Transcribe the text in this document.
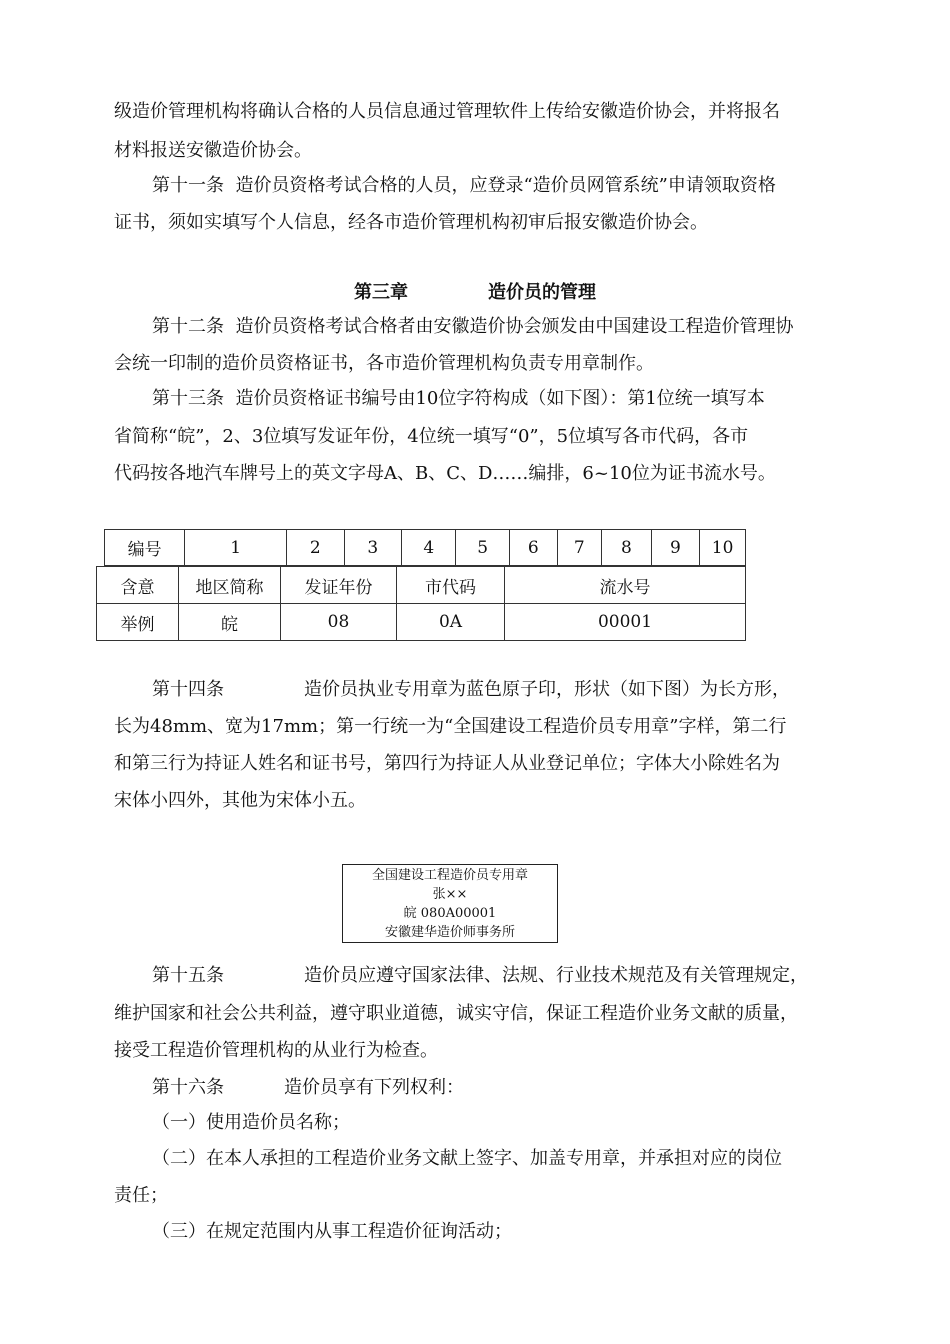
级造价管理机构将确认合格的人员信息通过管理软件上传给安徽造价协会，并将报名
材料报送安徽造价协会。
第十一条 造价员资格考试合格的人员，应登录“造价员网管系统”申请领取资格
证书，须如实填写个人信息，经各市造价管理机构初审后报安徽造价协会。
第三章	造价员的管理
第十二条 造价员资格考试合格者由安徽造价协会颁发由中国建设工程造价管理协
会统一印制的造价员资格证书，各市造价管理机构负责专用章制作。
第十三条 造价员资格证书编号由10位字符构成（如下图）：第1位统一填写本
省简称“皖”，2、3位填写发证年份，4位统一填写“0”，5位填写各市代码，各市
代码按各地汽车牌号上的英文字母A、B、C、D……编排，6~10位为证书流水号。
编号	1	2	3	4	5	6	7	8	9	10
含意	地区简称	发证年份	市代码	流水号
举例	皖	08	0A	00001
第十四条	造价员执业专用章为蓝色原子印，形状（如下图）为长方形，
长为48mm、宽为17mm；第一行统一为“全国建设工程造价员专用章”字样，第二行
和第三行为持证人姓名和证书号，第四行为持证人从业登记单位；字体大小除姓名为
宋体小四外，其他为宋体小五。
全国建设工程造价员专用章
张××
皖 080A00001
安徽建华造价师事务所
第十五条	造价员应遵守国家法律、法规、行业技术规范及有关管理规定，
维护国家和社会公共利益，遵守职业道德，诚实守信，保证工程造价业务文献的质量，
接受工程造价管理机构的从业行为检查。
第十六条	造价员享有下列权利：
（一）使用造价员名称；
（二）在本人承担的工程造价业务文献上签字、加盖专用章，并承担对应的岗位
责任；
（三）在规定范围内从事工程造价征询活动；
